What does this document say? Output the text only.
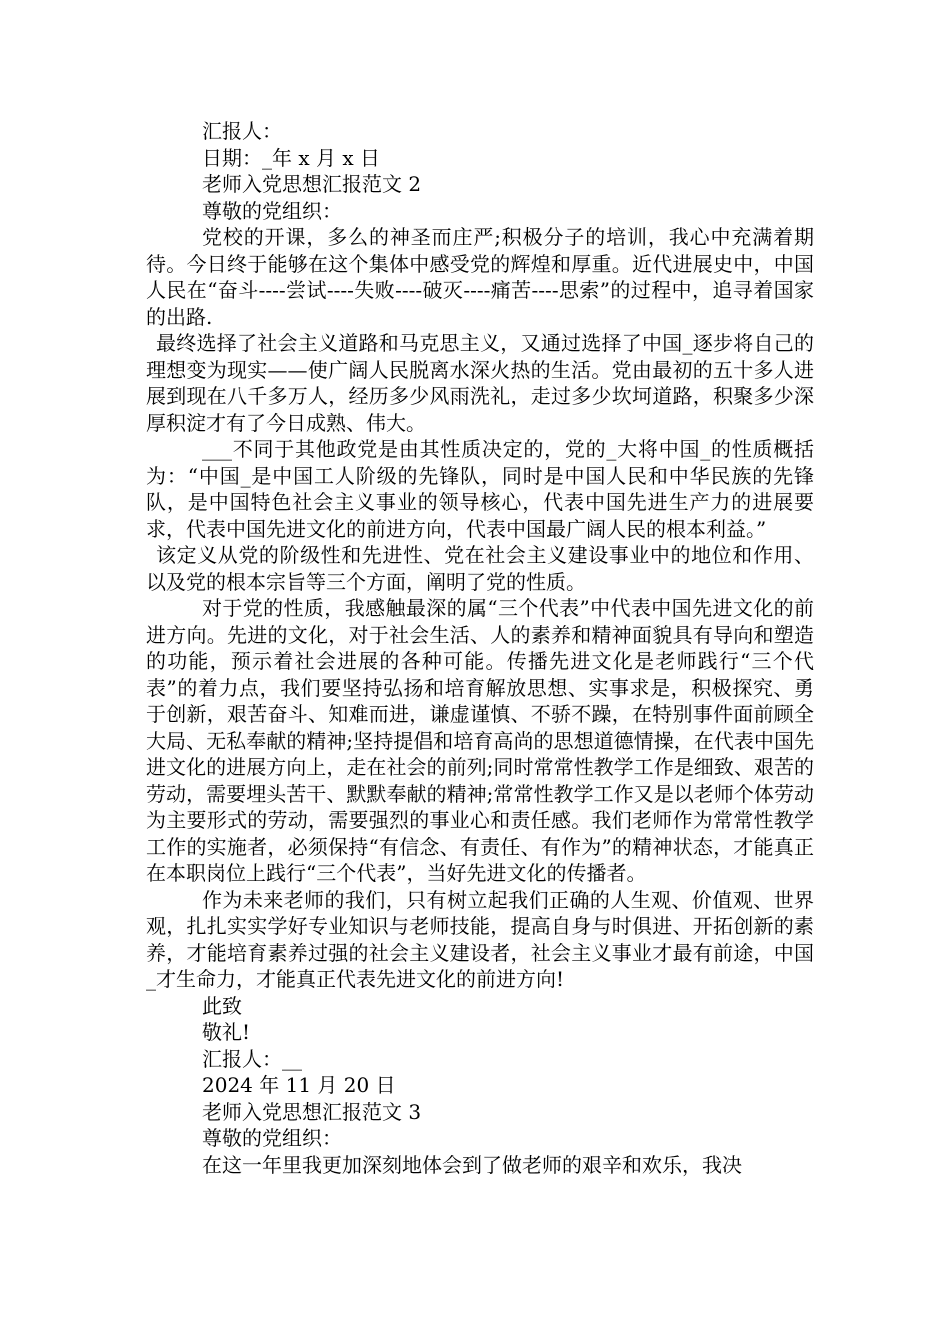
汇报人：
日期：_年 x 月 x 日
老师入党思想汇报范文 2
尊敬的党组织：
党校的开课，多么的神圣而庄严;积极分子的培训，我心中充满着期待。今日终于能够在这个集体中感受党的辉煌和厚重。近代进展史中，中国人民在“奋斗----尝试----失败----破灭----痛苦----思索”的过程中，追寻着国家的出路.
最终选择了社会主义道路和马克思主义，又通过选择了中国_逐步将自己的理想变为现实——使广阔人民脱离水深火热的生活。党由最初的五十多人进展到现在八千多万人，经历多少风雨洗礼，走过多少坎坷道路，积聚多少深厚积淀才有了今日成熟、伟大。
___不同于其他政党是由其性质决定的，党的_大将中国_的性质概括为：“中国_是中国工人阶级的先锋队，同时是中国人民和中华民族的先锋队，是中国特色社会主义事业的领导核心，代表中国先进生产力的进展要求，代表中国先进文化的前进方向，代表中国最广阔人民的根本利益。”
该定义从党的阶级性和先进性、党在社会主义建设事业中的地位和作用、以及党的根本宗旨等三个方面，阐明了党的性质。
对于党的性质，我感触最深的属“三个代表”中代表中国先进文化的前进方向。先进的文化，对于社会生活、人的素养和精神面貌具有导向和塑造的功能，预示着社会进展的各种可能。传播先进文化是老师践行“三个代表”的着力点，我们要坚持弘扬和培育解放思想、实事求是，积极探究、勇于创新，艰苦奋斗、知难而进，谦虚谨慎、不骄不躁，在特别事件面前顾全大局、无私奉献的精神;坚持提倡和培育高尚的思想道德情操，在代表中国先进文化的进展方向上，走在社会的前列;同时常常性教学工作是细致、艰苦的劳动，需要埋头苦干、默默奉献的精神;常常性教学工作又是以老师个体劳动为主要形式的劳动，需要强烈的事业心和责任感。我们老师作为常常性教学工作的实施者，必须保持“有信念、有责任、有作为”的精神状态，才能真正在本职岗位上践行“三个代表”，当好先进文化的传播者。
作为未来老师的我们，只有树立起我们正确的人生观、价值观、世界观，扎扎实实学好专业知识与老师技能，提高自身与时俱进、开拓创新的素养，才能培育素养过强的社会主义建设者，社会主义事业才最有前途，中国_才生命力，才能真正代表先进文化的前进方向!
此致
敬礼!
汇报人：__
2024 年 11 月 20 日
老师入党思想汇报范文 3
尊敬的党组织：
在这一年里我更加深刻地体会到了做老师的艰辛和欢乐，我决
